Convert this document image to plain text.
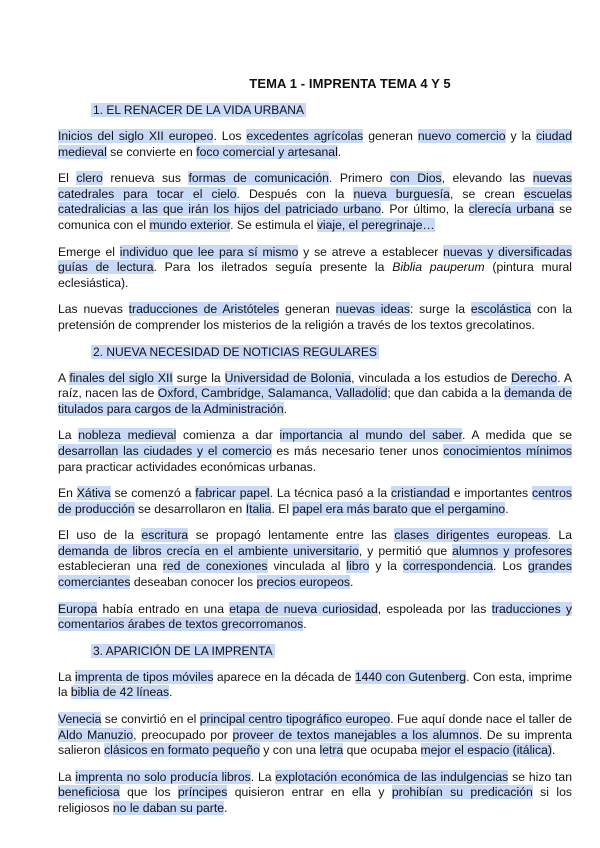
TEMA 1 - IMPRENTA TEMA 4 Y 5
1. EL RENACER DE LA VIDA URBANA

Inicios del siglo XII europeo. Los excedentes agrícolas generan nuevo comercio y la ciudad medieval se convierte en foco comercial y artesanal.

El clero renueva sus formas de comunicación. Primero con Dios, elevando las nuevas catedrales para tocar el cielo. Después con la nueva burguesía, se crean escuelas catedralicias a las que irán los hijos del patriciado urbano. Por último, la clerecía urbana se comunica con el mundo exterior. Se estimula el viaje, el peregrinaje…

Emerge el individuo que lee para sí mismo y se atreve a establecer nuevas y diversificadas guías de lectura. Para los iletrados seguía presente la Biblia pauperum (pintura mural eclesiástica).

Las nuevas traducciones de Aristóteles generan nuevas ideas: surge la escolástica con la pretensión de comprender los misterios de la religión a través de los textos grecolatinos.

2. NUEVA NECESIDAD DE NOTICIAS REGULARES

A finales del siglo XII surge la Universidad de Bolonia, vinculada a los estudios de Derecho. A raíz, nacen las de Oxford, Cambridge, Salamanca, Valladolid; que dan cabida a la demanda de titulados para cargos de la Administración.

La nobleza medieval comienza a dar importancia al mundo del saber. A medida que se desarrollan las ciudades y el comercio es más necesario tener unos conocimientos mínimos para practicar actividades económicas urbanas.

En Xátiva se comenzó a fabricar papel. La técnica pasó a la cristiandad e importantes centros de producción se desarrollaron en Italia. El papel era más barato que el pergamino.

El uso de la escritura se propagó lentamente entre las clases dirigentes europeas. La demanda de libros crecía en el ambiente universitario, y permitió que alumnos y profesores establecieran una red de conexiones vinculada al libro y la correspondencia. Los grandes comerciantes deseaban conocer los precios europeos.

Europa había entrado en una etapa de nueva curiosidad, espoleada por las traducciones y comentarios árabes de textos grecorromanos.

3. APARICIÓN DE LA IMPRENTA

La imprenta de tipos móviles aparece en la década de 1440 con Gutenberg. Con esta, imprime la biblia de 42 líneas.

Venecia se convirtió en el principal centro tipográfico europeo. Fue aquí donde nace el taller de Aldo Manuzio, preocupado por proveer de textos manejables a los alumnos. De su imprenta salieron clásicos en formato pequeño y con una letra que ocupaba mejor el espacio (itálica).

La imprenta no solo producía libros. La explotación económica de las indulgencias se hizo tan beneficiosa que los príncipes quisieron entrar en ella y prohibían su predicación si los religiosos no le daban su parte.
